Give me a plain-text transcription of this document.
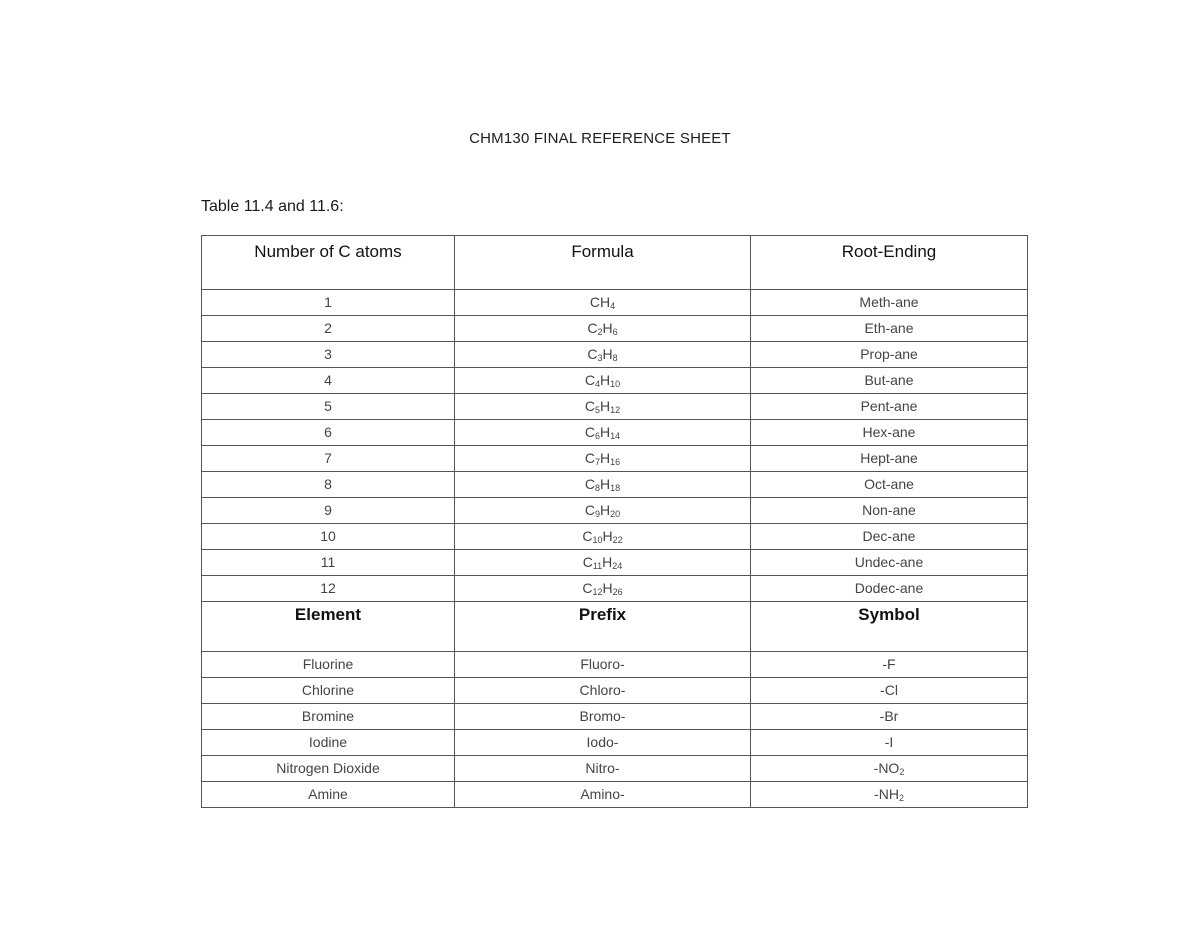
CHM130 FINAL REFERENCE SHEET
Table 11.4 and 11.6:
Number of C atoms	Formula	Root-Ending
1	$CH_4$	Meth-ane
2	$C_2H_6$	Eth-ane
3	$C_3H_8$	Prop-ane
4	$C_4H_{10}$	But-ane
5	$C_5H_{12}$	Pent-ane
6	$C_6H_{14}$	Hex-ane
7	$C_7H_{16}$	Hept-ane
8	$C_8H_{18}$	Oct-ane
9	$C_9H_{20}$	Non-ane
10	$C_{10}H_{22}$	Dec-ane
11	$C_{11}H_{24}$	Undec-ane
12	$C_{12}H_{26}$	Dodec-ane
Element	Prefix	Symbol
Fluorine	Fluoro-	-F
Chlorine	Chloro-	-Cl
Bromine	Bromo-	-Br
Iodine	Iodo-	-I
Nitrogen Dioxide	Nitro-	$-NO_2$
Amine	Amino-	$-NH_2$
